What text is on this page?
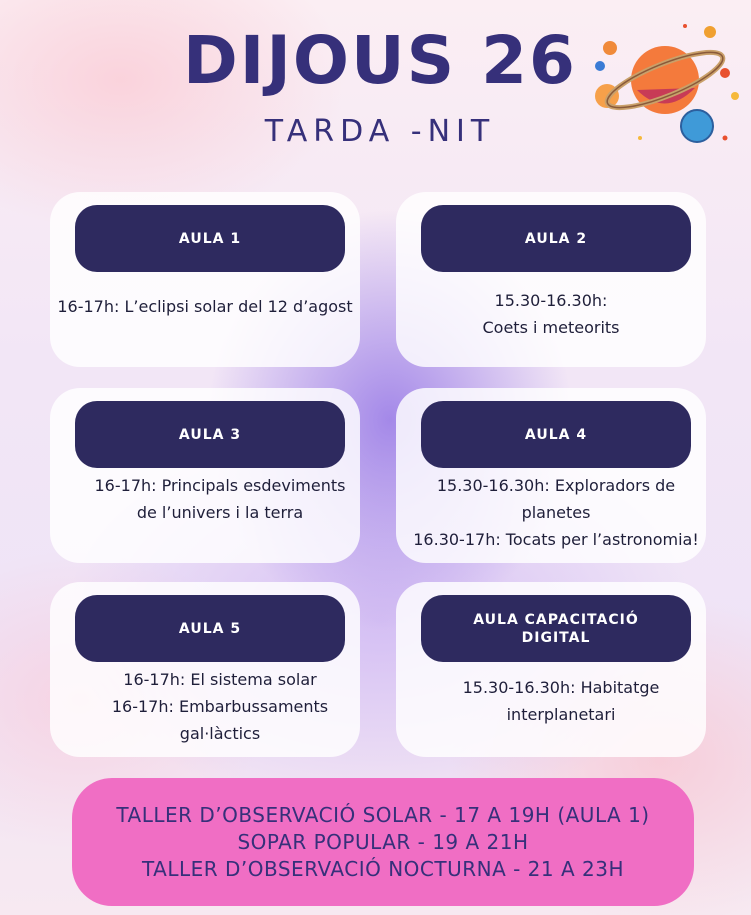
DIJOUS 26
TARDA -NIT
AULA 1
16-17h: L’eclipsi solar del 12 d’agost
AULA 2
15.30-16.30h: Coets i meteorits
AULA 3
16-17h: Principals esdeviments de l’univers i la terra
AULA 4
15.30-16.30h: Exploradors de planetes
16.30-17h: Tocats per l’astronomia!
AULA 5
16-17h: El sistema solar
16-17h: Embarbussaments gal·làctics
AULA CAPACITACIÓ DIGITAL
15.30-16.30h: Habitatge interplanetari
TALLER D’OBSERVACIÓ SOLAR - 17 A 19H (AULA 1)
SOPAR POPULAR - 19 A 21H
TALLER D’OBSERVACIÓ NOCTURNA - 21 A 23H
